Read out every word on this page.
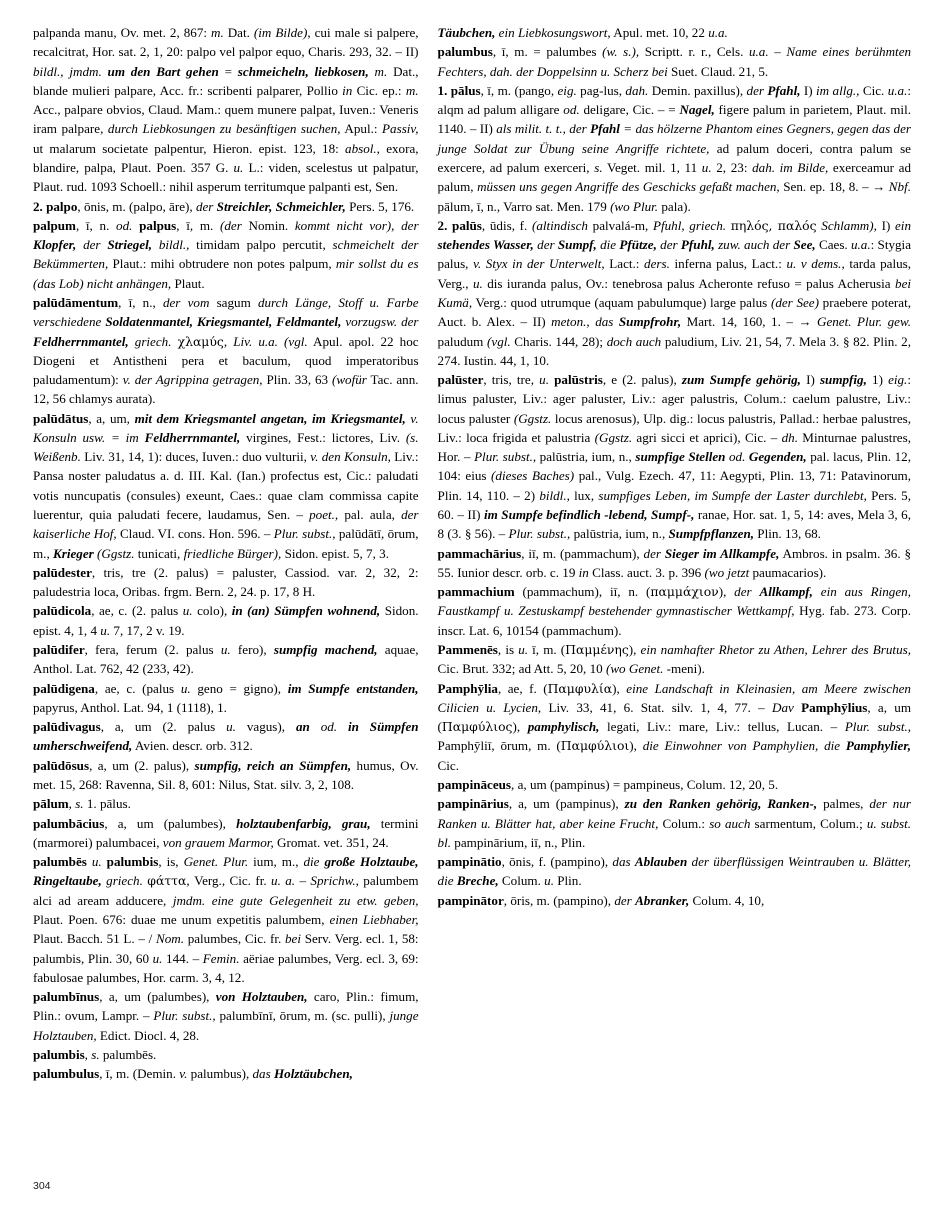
palpanda manu, Ov. met. 2, 867: m. Dat. (im Bilde), cui male si palpere, recalcitrat, Hor. sat. 2, 1, 20: palpo vel palpor equo, Charis. 293, 32. – II) bildl., jmdm. um den Bart gehen = schmeicheln, liebkosen, m. Dat., blande mulieri palpare, Acc. fr.: scribenti palparer, Pollio in Cic. ep.: m. Acc., palpare obvios, Claud. Mam.: quem munere palpat, Iuven.: Veneris iram palpare, durch Liebkosungen zu besänftigen suchen, Apul.: Passiv, ut malarum societate palpentur, Hieron. epist. 123, 18: absol., exora, blandire, palpa, Plaut. Poen. 357 G. u. L.: viden, scelestus ut palpatur, Plaut. rud. 1093 Schoell.: nihil asperum territumque palpanti est, Sen.

2. palpo, ōnis, m. (palpo, āre), der Streichler, Schmeichler, Pers. 5, 176.

palpum, ī, n. od. palpus, ī, m. (der Nomin. kommt nicht vor), der Klopfer, der Striegel, bildl., timidam palpo percutit, schmeichelt der Bekümmerten, Plaut.: mihi obtrudere non potes palpum, mir sollst du es (das Lob) nicht anhängen, Plaut.

palūdāmentum, ī, n., der vom sagum durch Länge, Stoff u. Farbe verschiedene Soldatenmantel, Kriegsmantel, Feldmantel, vorzugsw. der Feldherrnmantel, griech. χλαμύς, Liv. u.a. (vgl. Apul. apol. 22 hoc Diogeni et Antistheni pera et baculum, quod imperatoribus paludamentum): v. der Agrippina getragen, Plin. 33, 63 (wofür Tac. ann. 12, 56 chlamys aurata).

palūdātus, a, um, mit dem Kriegsmantel angetan, im Kriegsmantel, v. Konsuln usw. = im Feldherrnmantel, virgines, Fest.: lictores, Liv. (s. Weißenb. Liv. 31, 14, 1): duces, Iuven.: duo vulturii, v. den Konsuln, Liv.: Pansa noster paludatus a. d. III. Kal. (Ian.) profectus est, Cic.: paludati votis nuncupatis (consules) exeunt, Caes.: quae clam commissa capite luerentur, quia paludati fecere, laudamus, Sen. – poet., pal. aula, der kaiserliche Hof, Claud. VI. cons. Hon. 596. – Plur. subst., palūdātī, ōrum, m., Krieger (Ggstz. tunicati, friedliche Bürger), Sidon. epist. 5, 7, 3.

palūdester, tris, tre (2. palus) = paluster, Cassiod. var. 2, 32, 2: paludestria loca, Oribas. frgm. Bern. 2, 24. p. 17, 8 H.

palūdicola, ae, c. (2. palus u. colo), in (an) Sümpfen wohnend, Sidon. epist. 4, 1, 4 u. 7, 17, 2 v. 19.

palūdifer, fera, ferum (2. palus u. fero), sumpfig machend, aquae, Anthol. Lat. 762, 42 (233, 42).

palūdigena, ae, c. (palus u. geno = gigno), im Sumpfe entstanden, papyrus, Anthol. Lat. 94, 1 (1118), 1.

palūdivagus, a, um (2. palus u. vagus), an od. in Sümpfen umherschweifend, Avien. descr. orb. 312.

palūdōsus, a, um (2. palus), sumpfig, reich an Sümpfen, humus, Ov. met. 15, 268: Ravenna, Sil. 8, 601: Nilus, Stat. silv. 3, 2, 108.

pālum, s. 1. pālus.

palumbācius, a, um (palumbes), holztaubenfarbig, grau, termini (marmorei) palumbacei, von grauem Marmor, Gromat. vet. 351, 24.

palumbēs u. palumbis, is, Genet. Plur. ium, m., die große Holztaube, Ringeltaube, griech. φάττα, Verg., Cic. fr. u. a. – Sprichw., palumbem alci ad aream adducere, jmdm. eine gute Gelegenheit zu etw. geben, Plaut. Poen. 676: duae me unum expetitis palumbem, einen Liebhaber, Plaut. Bacch. 51 L. – / Nom. palumbes, Cic. fr. bei Serv. Verg. ecl. 1, 58: palumbis, Plin. 30, 60 u. 144. – Femin. aëriae palumbes, Verg. ecl. 3, 69: fabulosae palumbes, Hor. carm. 3, 4, 12.

palumbīnus, a, um (palumbes), von Holztauben, caro, Plin.: fimum, Plin.: ovum, Lampr. – Plur. subst., palumbīnī, ōrum, m. (sc. pulli), junge Holztauben, Edict. Diocl. 4, 28.

palumbis, s. palumbēs.

palumbulus, ī, m. (Demin. v. palumbus), das Holztäubchen,

Täubchen, ein Liebkosungswort, Apul. met. 10, 22 u.a.

palumbus, ī, m. = palumbes (w. s.), Scriptt. r. r., Cels. u.a. – Name eines berühmten Fechters, dah. der Doppelsinn u. Scherz bei Suet. Claud. 21, 5.

1. pālus, ī, m. (pango, eig. pag-lus, dah. Demin. paxillus), der Pfahl, I) im allg., Cic. u.a.: alqm ad palum alligare od. deligare, Cic. – = Nagel, figere palum in parietem, Plaut. mil. 1140. – II) als milit. t. t., der Pfahl = das hölzerne Phantom eines Gegners, gegen das der junge Soldat zur Übung seine Angriffe richtete, ad palum doceri, contra palum se exercere, ad palum exerceri, s. Veget. mil. 1, 11 u. 2, 23: dah. im Bilde, exerceamur ad palum, müssen uns gegen Angriffe des Geschicks gefaßt machen, Sen. ep. 18, 8. – → Nbf. pālum, ī, n., Varro sat. Men. 179 (wo Plur. pala).

2. palūs, ūdis, f. (altindisch palvalá-m, Pfuhl, griech. πηλός, παλός Schlamm), I) ein stehendes Wasser, der Sumpf, die Pfütze, der Pfuhl, zuw. auch der See, Caes. u.a.: Stygia palus, v. Styx in der Unterwelt, Lact.: ders. inferna palus, Lact.: u. v dems., tarda palus, Verg., u. dis iuranda palus, Ov.: tenebrosa palus Acheronte refuso = palus Acherusia bei Kumä, Verg.: quod utrumque (aquam pabulumque) large palus (der See) praebere poterat, Auct. b. Alex. – II) meton., das Sumpfrohr, Mart. 14, 160, 1. – → Genet. Plur. gew. paludum (vgl. Charis. 144, 28); doch auch paludium, Liv. 21, 54, 7. Mela 3. § 82. Plin. 2, 274. Iustin. 44, 1, 10.

palūster, tris, tre, u. palūstris, e (2. palus), zum Sumpfe gehörig, I) sumpfig, 1) eig.: limus paluster, Liv.: ager paluster, Liv.: ager palustris, Colum.: caelum palustre, Liv.: locus paluster (Ggstz. locus arenosus), Ulp. dig.: locus palustris, Pallad.: herbae palustres, Liv.: loca frigida et palustria (Ggstz. agri sicci et aprici), Cic. – dh. Minturnae palustres, Hor. – Plur. subst., palūstria, ium, n., sumpfige Stellen od. Gegenden, pal. lacus, Plin. 12, 104: eius (dieses Baches) pal., Vulg. Ezech. 47, 11: Aegypti, Plin. 13, 71: Patavinorum, Plin. 14, 110. – 2) bildl., lux, sumpfiges Leben, im Sumpfe der Laster durchlebt, Pers. 5, 60. – II) im Sumpfe befindlich -lebend, Sumpf-, ranae, Hor. sat. 1, 5, 14: aves, Mela 3, 6, 8 (3. § 56). – Plur. subst., palūstria, ium, n., Sumpfpflanzen, Plin. 13, 68.

pammachārius, iī, m. (pammachum), der Sieger im Allkampfe, Ambros. in psalm. 36. § 55. Iunior descr. orb. c. 19 in Class. auct. 3. p. 396 (wo jetzt paumacarios).

pammachium (pammachum), iī, n. (παμμάχιον), der Allkampf, ein aus Ringen, Faustkampf u. Zestuskampf bestehender gymnastischer Wettkampf, Hyg. fab. 273. Corp. inscr. Lat. 6, 10154 (pammachum).

Pammenēs, is u. ī, m. (Παμμένης), ein namhafter Rhetor zu Athen, Lehrer des Brutus, Cic. Brut. 332; ad Att. 5, 20, 10 (wo Genet. -meni).

Pamphȳlia, ae, f. (Παμφυλία), eine Landschaft in Kleinasien, am Meere zwischen Cilicien u. Lycien, Liv. 33, 41, 6. Stat. silv. 1, 4, 77. – Dav Pamphȳlius, a, um (Παμφύλιος), pamphylisch, legati, Liv.: mare, Liv.: tellus, Lucan. – Plur. subst., Pamphȳliī, ōrum, m. (Παμφύλιοι), die Einwohner von Pamphylien, die Pamphylier, Cic.

pampināceus, a, um (pampinus) = pampineus, Colum. 12, 20, 5.

pampinārius, a, um (pampinus), zu den Ranken gehörig, Ranken-, palmes, der nur Ranken u. Blätter hat, aber keine Frucht, Colum.: so auch sarmentum, Colum.; u. subst. bl. pampinārium, iī, n., Plin.

pampinātio, ōnis, f. (pampino), das Ablauben der überflüssigen Weintrauben u. Blätter, die Breche, Colum. u. Plin.

pampinātor, ōris, m. (pampino), der Abranker, Colum. 4, 10,

304
